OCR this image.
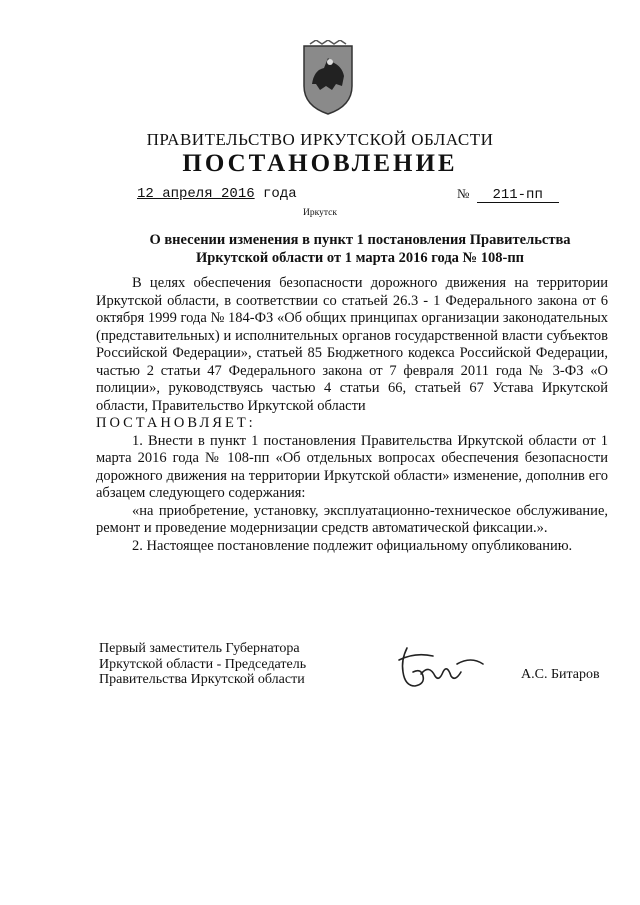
ПРАВИТЕЛЬСТВО ИРКУТСКОЙ ОБЛАСТИ
ПОСТАНОВЛЕНИЕ
12 апреля 2016 года	№ 211-пп
Иркутск
О внесении изменения в пункт 1 постановления Правительства Иркутской области от 1 марта 2016 года № 108-пп

В целях обеспечения безопасности дорожного движения на территории Иркутской области, в соответствии со статьей 26.3 - 1 Федерального закона от 6 октября 1999 года № 184-ФЗ «Об общих принципах организации законодательных (представительных) и исполнительных органов государственной власти субъектов Российской Федерации», статьей 85 Бюджетного кодекса Российской Федерации, частью 2 статьи 47 Федерального закона от 7 февраля 2011 года № 3-ФЗ «О полиции», руководствуясь частью 4 статьи 66, статьей 67 Устава Иркутской области, Правительство Иркутской области

ПОСТАНОВЛЯЕТ:

1. Внести в пункт 1 постановления Правительства Иркутской области от 1 марта 2016 года № 108-пп «Об отдельных вопросах обеспечения безопасности дорожного движения на территории Иркутской области» изменение, дополнив его абзацем следующего содержания:

«на приобретение, установку, эксплуатационно-техническое обслуживание, ремонт и проведение модернизации средств автоматической фиксации.».

2. Настоящее постановление подлежит официальному опубликованию.

Первый заместитель Губернатора
Иркутской области - Председатель
Правительства Иркутской области	А.С. Битаров
